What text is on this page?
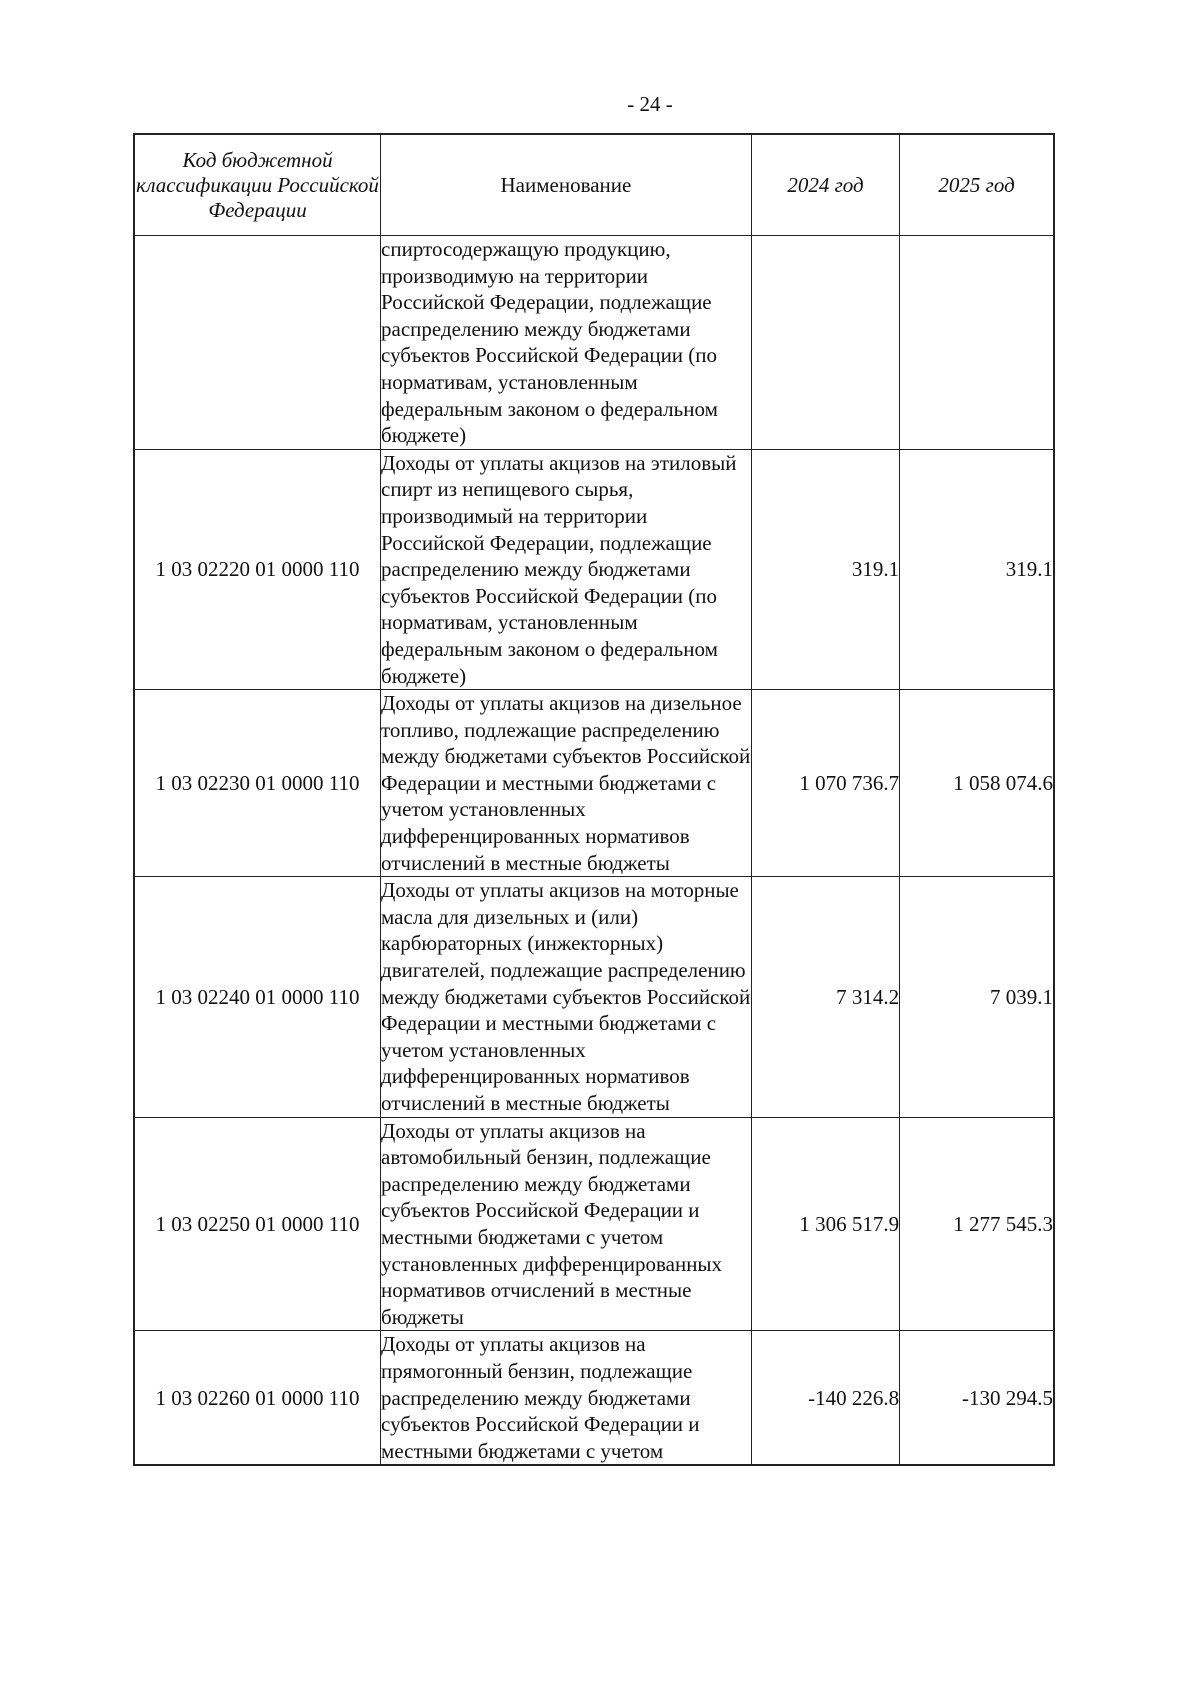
- 24 -
Код бюджетной классификации Российской Федерации	Наименование	2024 год	2025 год
	спиртосодержащую продукцию, производимую на территории Российской Федерации, подлежащие распределению между бюджетами субъектов Российской Федерации (по нормативам, установленным федеральным законом о федеральном бюджете)		
1 03 02220 01 0000 110	Доходы от уплаты акцизов на этиловый спирт из непищевого сырья, производимый на территории Российской Федерации, подлежащие распределению между бюджетами субъектов Российской Федерации (по нормативам, установленным федеральным законом о федеральном бюджете)	319.1	319.1
1 03 02230 01 0000 110	Доходы от уплаты акцизов на дизельное топливо, подлежащие распределению между бюджетами субъектов Российской Федерации и местными бюджетами с учетом установленных дифференцированных нормативов отчислений в местные бюджеты	1 070 736.7	1 058 074.6
1 03 02240 01 0000 110	Доходы от уплаты акцизов на моторные масла для дизельных и (или) карбюраторных (инжекторных) двигателей, подлежащие распределению между бюджетами субъектов Российской Федерации и местными бюджетами с учетом установленных дифференцированных нормативов отчислений в местные бюджеты	7 314.2	7 039.1
1 03 02250 01 0000 110	Доходы от уплаты акцизов на автомобильный бензин, подлежащие распределению между бюджетами субъектов Российской Федерации и местными бюджетами с учетом установленных дифференцированных нормативов отчислений в местные бюджеты	1 306 517.9	1 277 545.3
1 03 02260 01 0000 110	Доходы от уплаты акцизов на прямогонный бензин, подлежащие распределению между бюджетами субъектов Российской Федерации и местными бюджетами с учетом	-140 226.8	-130 294.5
